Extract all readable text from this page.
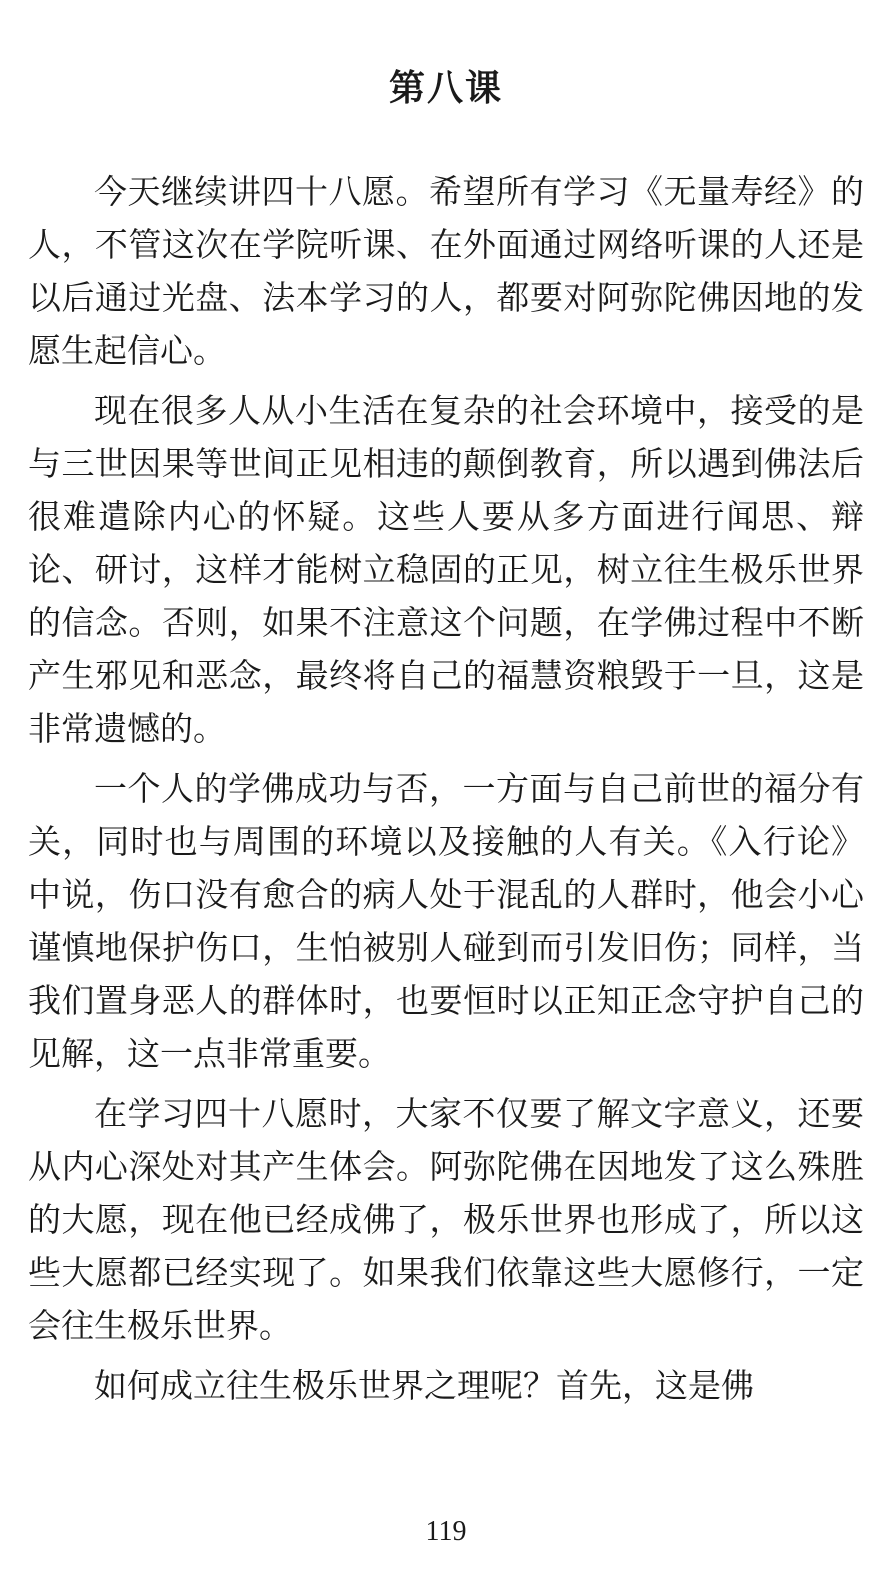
第八课

今天继续讲四十八愿。希望所有学习《无量寿经》的人，不管这次在学院听课、在外面通过网络听课的人还是以后通过光盘、法本学习的人，都要对阿弥陀佛因地的发愿生起信心。

现在很多人从小生活在复杂的社会环境中，接受的是与三世因果等世间正见相违的颠倒教育，所以遇到佛法后很难遣除内心的怀疑。这些人要从多方面进行闻思、辩论、研讨，这样才能树立稳固的正见，树立往生极乐世界的信念。否则，如果不注意这个问题，在学佛过程中不断产生邪见和恶念，最终将自己的福慧资粮毁于一旦，这是非常遗憾的。

一个人的学佛成功与否，一方面与自己前世的福分有关，同时也与周围的环境以及接触的人有关。《入行论》中说，伤口没有愈合的病人处于混乱的人群时，他会小心谨慎地保护伤口，生怕被别人碰到而引发旧伤；同样，当我们置身恶人的群体时，也要恒时以正知正念守护自己的见解，这一点非常重要。

在学习四十八愿时，大家不仅要了解文字意义，还要从内心深处对其产生体会。阿弥陀佛在因地发了这么殊胜的大愿，现在他已经成佛了，极乐世界也形成了，所以这些大愿都已经实现了。如果我们依靠这些大愿修行，一定会往生极乐世界。

如何成立往生极乐世界之理呢？首先，这是佛

119
